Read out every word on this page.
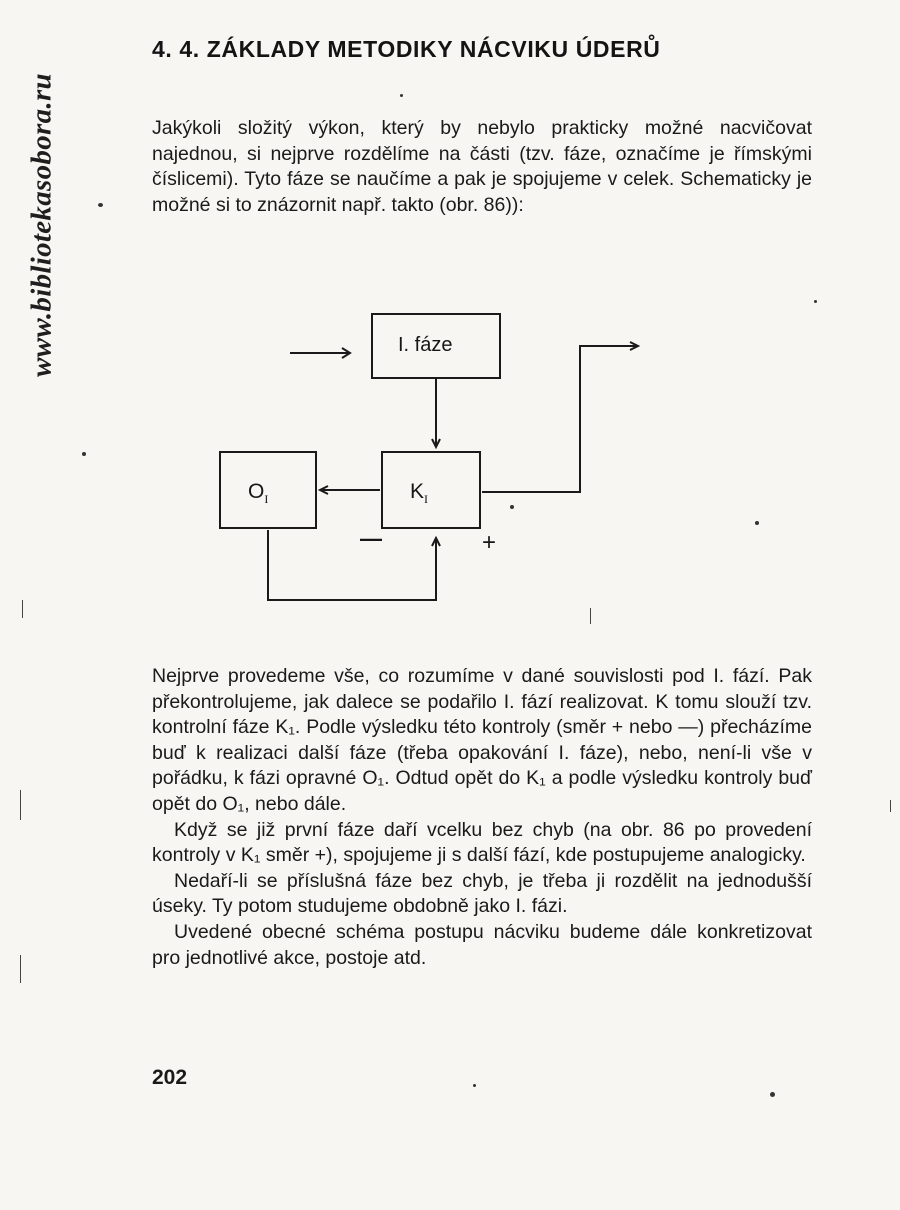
www.bibliotekasobora.ru
4. 4. ZÁKLADY METODIKY NÁCVIKU ÚDERŮ

Jakýkoli složitý výkon, který by nebylo prakticky možné nacvičovat najednou, si nejprve rozdělíme na části (tzv. fáze, označíme je římskými číslicemi). Tyto fáze se naučíme a pak je spojujeme v celek. Schematicky je možné si to znázornit např. takto (obr. 86)):

I. fáze
$O_I$	$K_I$
—	+

Nejprve provedeme vše, co rozumíme v dané souvislosti pod I. fází. Pak překontrolujeme, jak dalece se podařilo I. fází realizovat. K tomu slouží tzv. kontrolní fáze K₁. Podle výsledku této kontroly (směr + nebo —) přecházíme buď k realizaci další fáze (třeba opakování I. fáze), nebo, není-li vše v pořádku, k fázi opravné O₁. Odtud opět do K₁ a podle výsledku kontroly buď opět do O₁, nebo dále.

Když se již první fáze daří vcelku bez chyb (na obr. 86 po provedení kontroly v K₁ směr +), spojujeme ji s další fází, kde postupujeme analogicky.

Nedaří-li se příslušná fáze bez chyb, je třeba ji rozdělit na jednodušší úseky. Ty potom studujeme obdobně jako I. fázi.

Uvedené obecné schéma postupu nácviku budeme dále konkretizovat pro jednotlivé akce, postoje atd.

202
